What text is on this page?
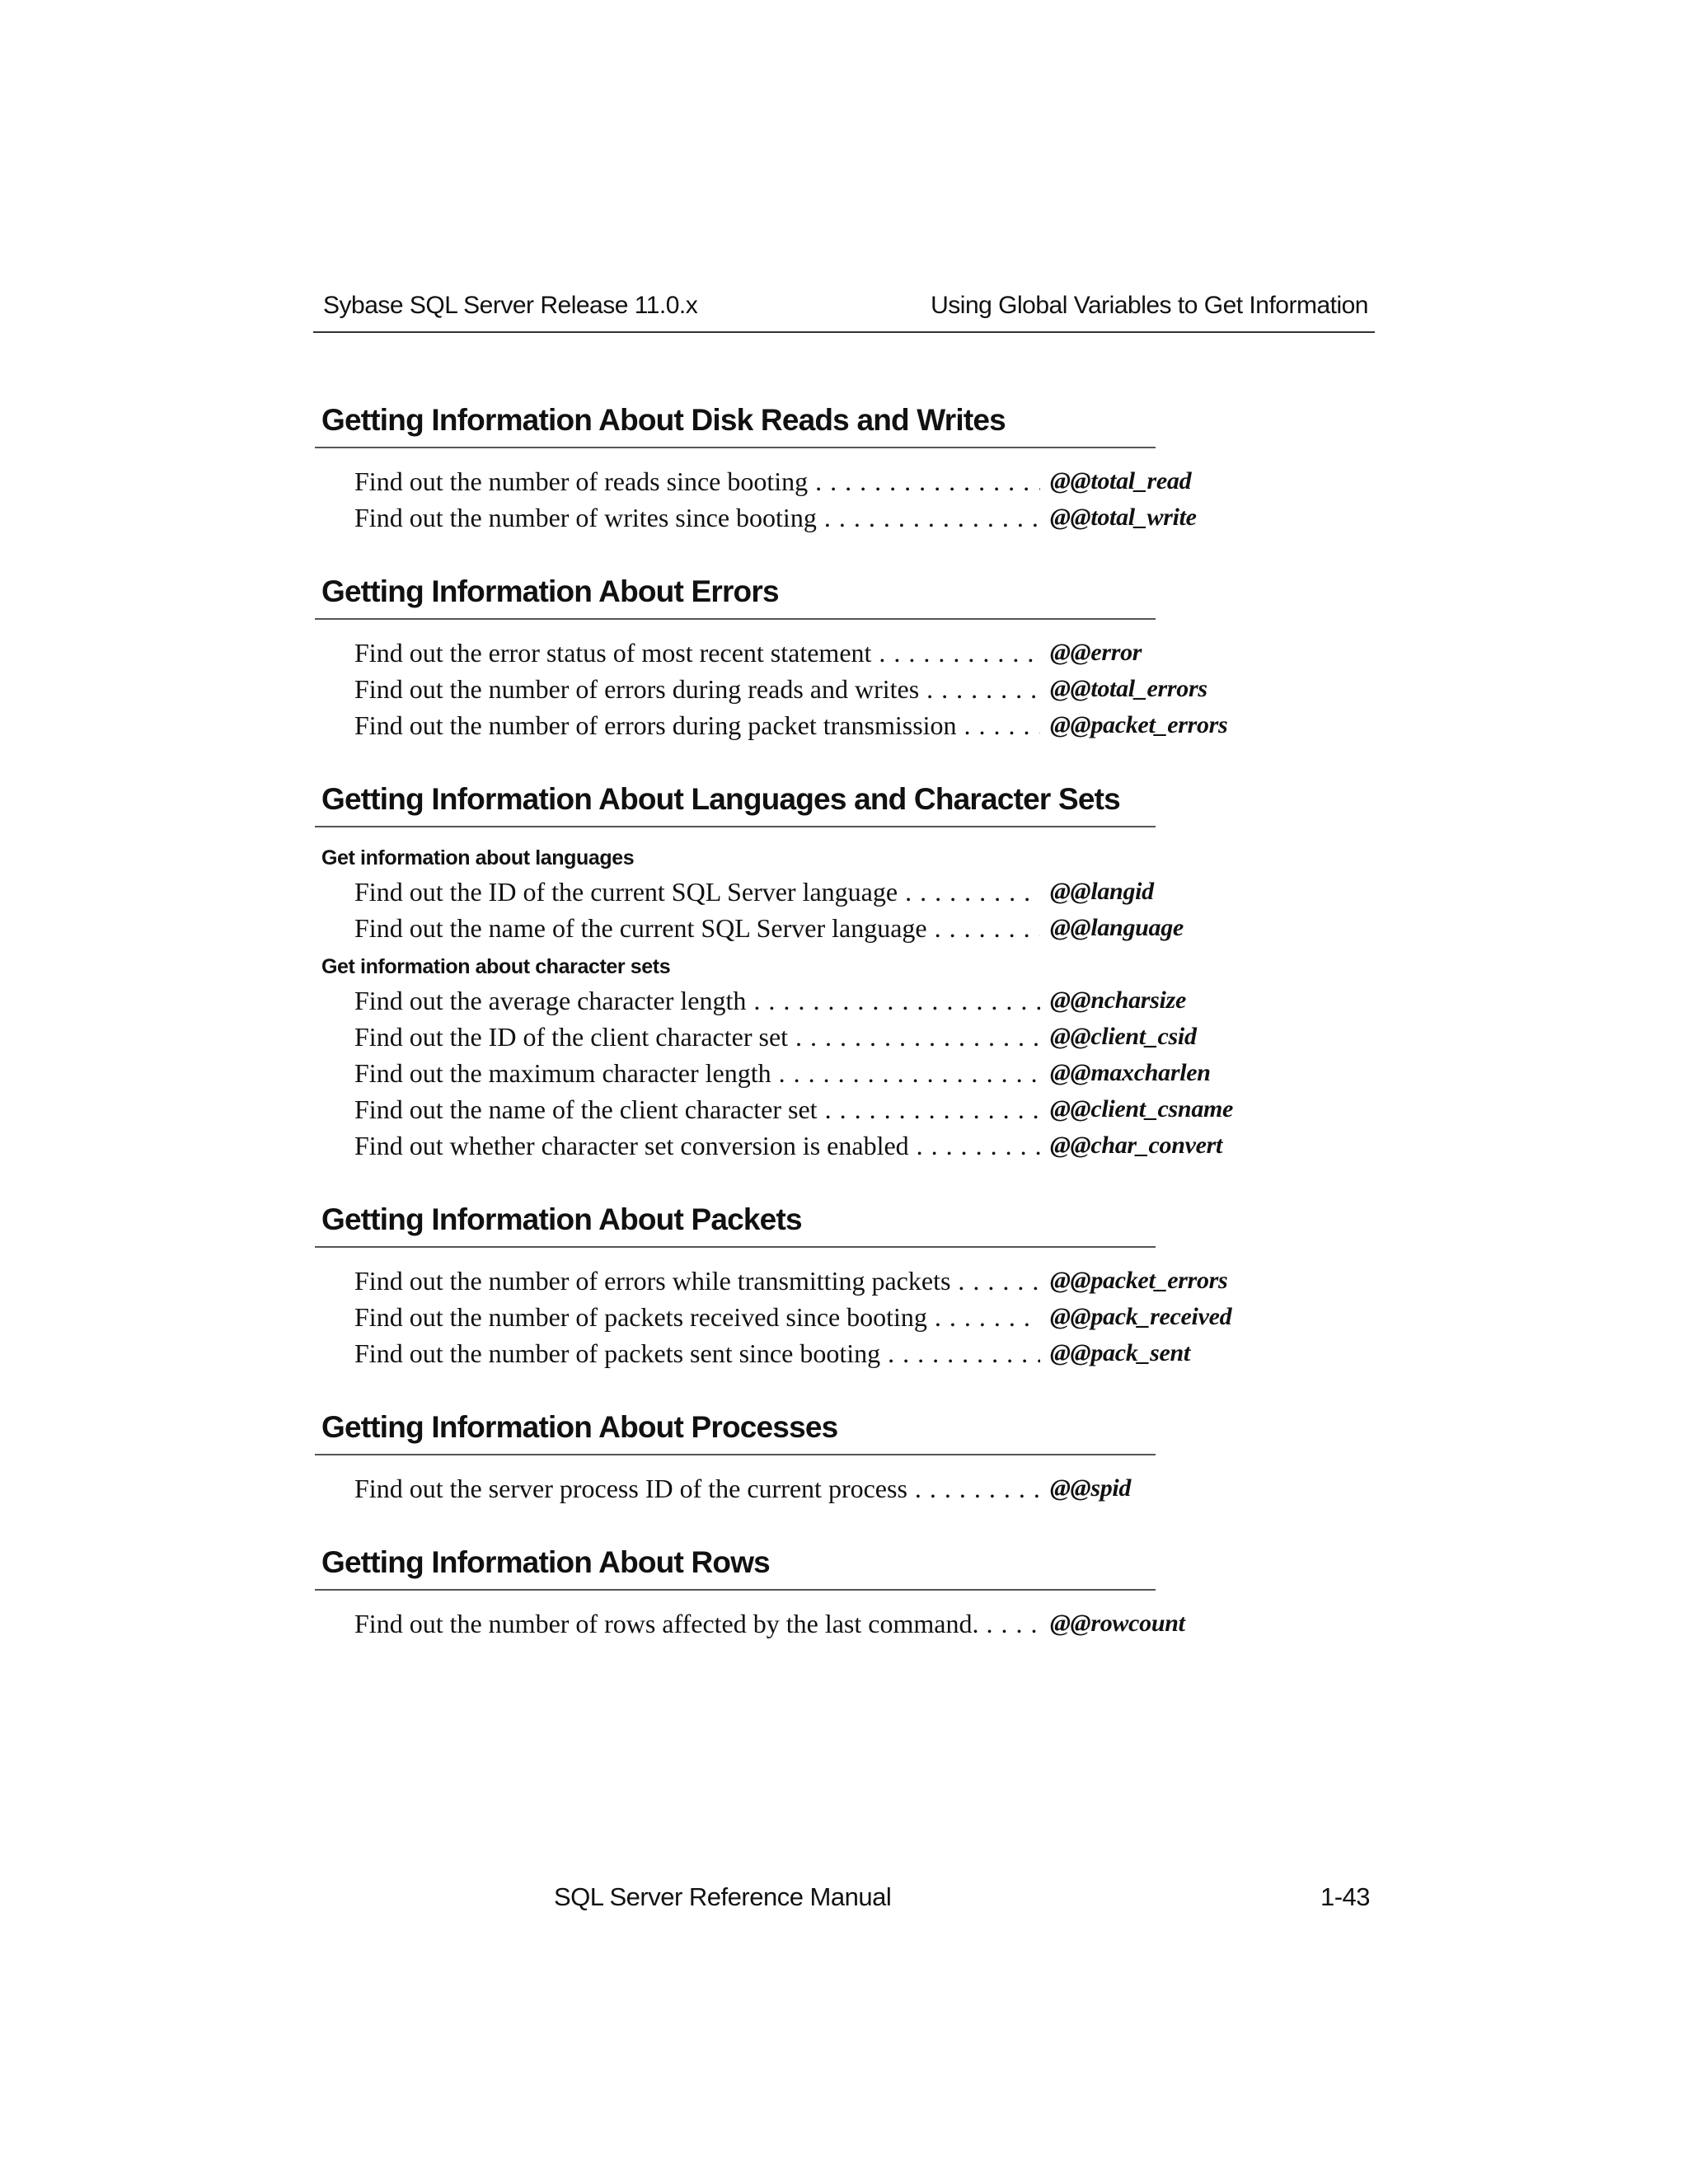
Sybase SQL Server Release 11.0.x	Using Global Variables to Get Information
Getting Information About Disk Reads and Writes
Find out the number of reads since booting . . .	@@total_read
Find out the number of writes since booting . . .	@@total_write
Getting Information About Errors
Find out the error status of most recent statement . . .	@@error
Find out the number of errors during reads and writes . . .	@@total_errors
Find out the number of errors during packet transmission . . .	@@packet_errors
Getting Information About Languages and Character Sets
Get information about languages
Find out the ID of the current SQL Server language . . .	@@langid
Find out the name of the current SQL Server language . . .	@@language
Get information about character sets
Find out the average character length . . .	@@ncharsize
Find out the ID of the client character set . . .	@@client_csid
Find out the maximum character length . . .	@@maxcharlen
Find out the name of the client character set . . .	@@client_csname
Find out whether character set conversion is enabled . . .	@@char_convert
Getting Information About Packets
Find out the number of errors while transmitting packets . . .	@@packet_errors
Find out the number of packets received since booting . . .	@@pack_received
Find out the number of packets sent since booting . . .	@@pack_sent
Getting Information About Processes
Find out the server process ID of the current process . . .	@@spid
Getting Information About Rows
Find out the number of rows affected by the last command. . . .	@@rowcount
SQL Server Reference Manual	1-43
